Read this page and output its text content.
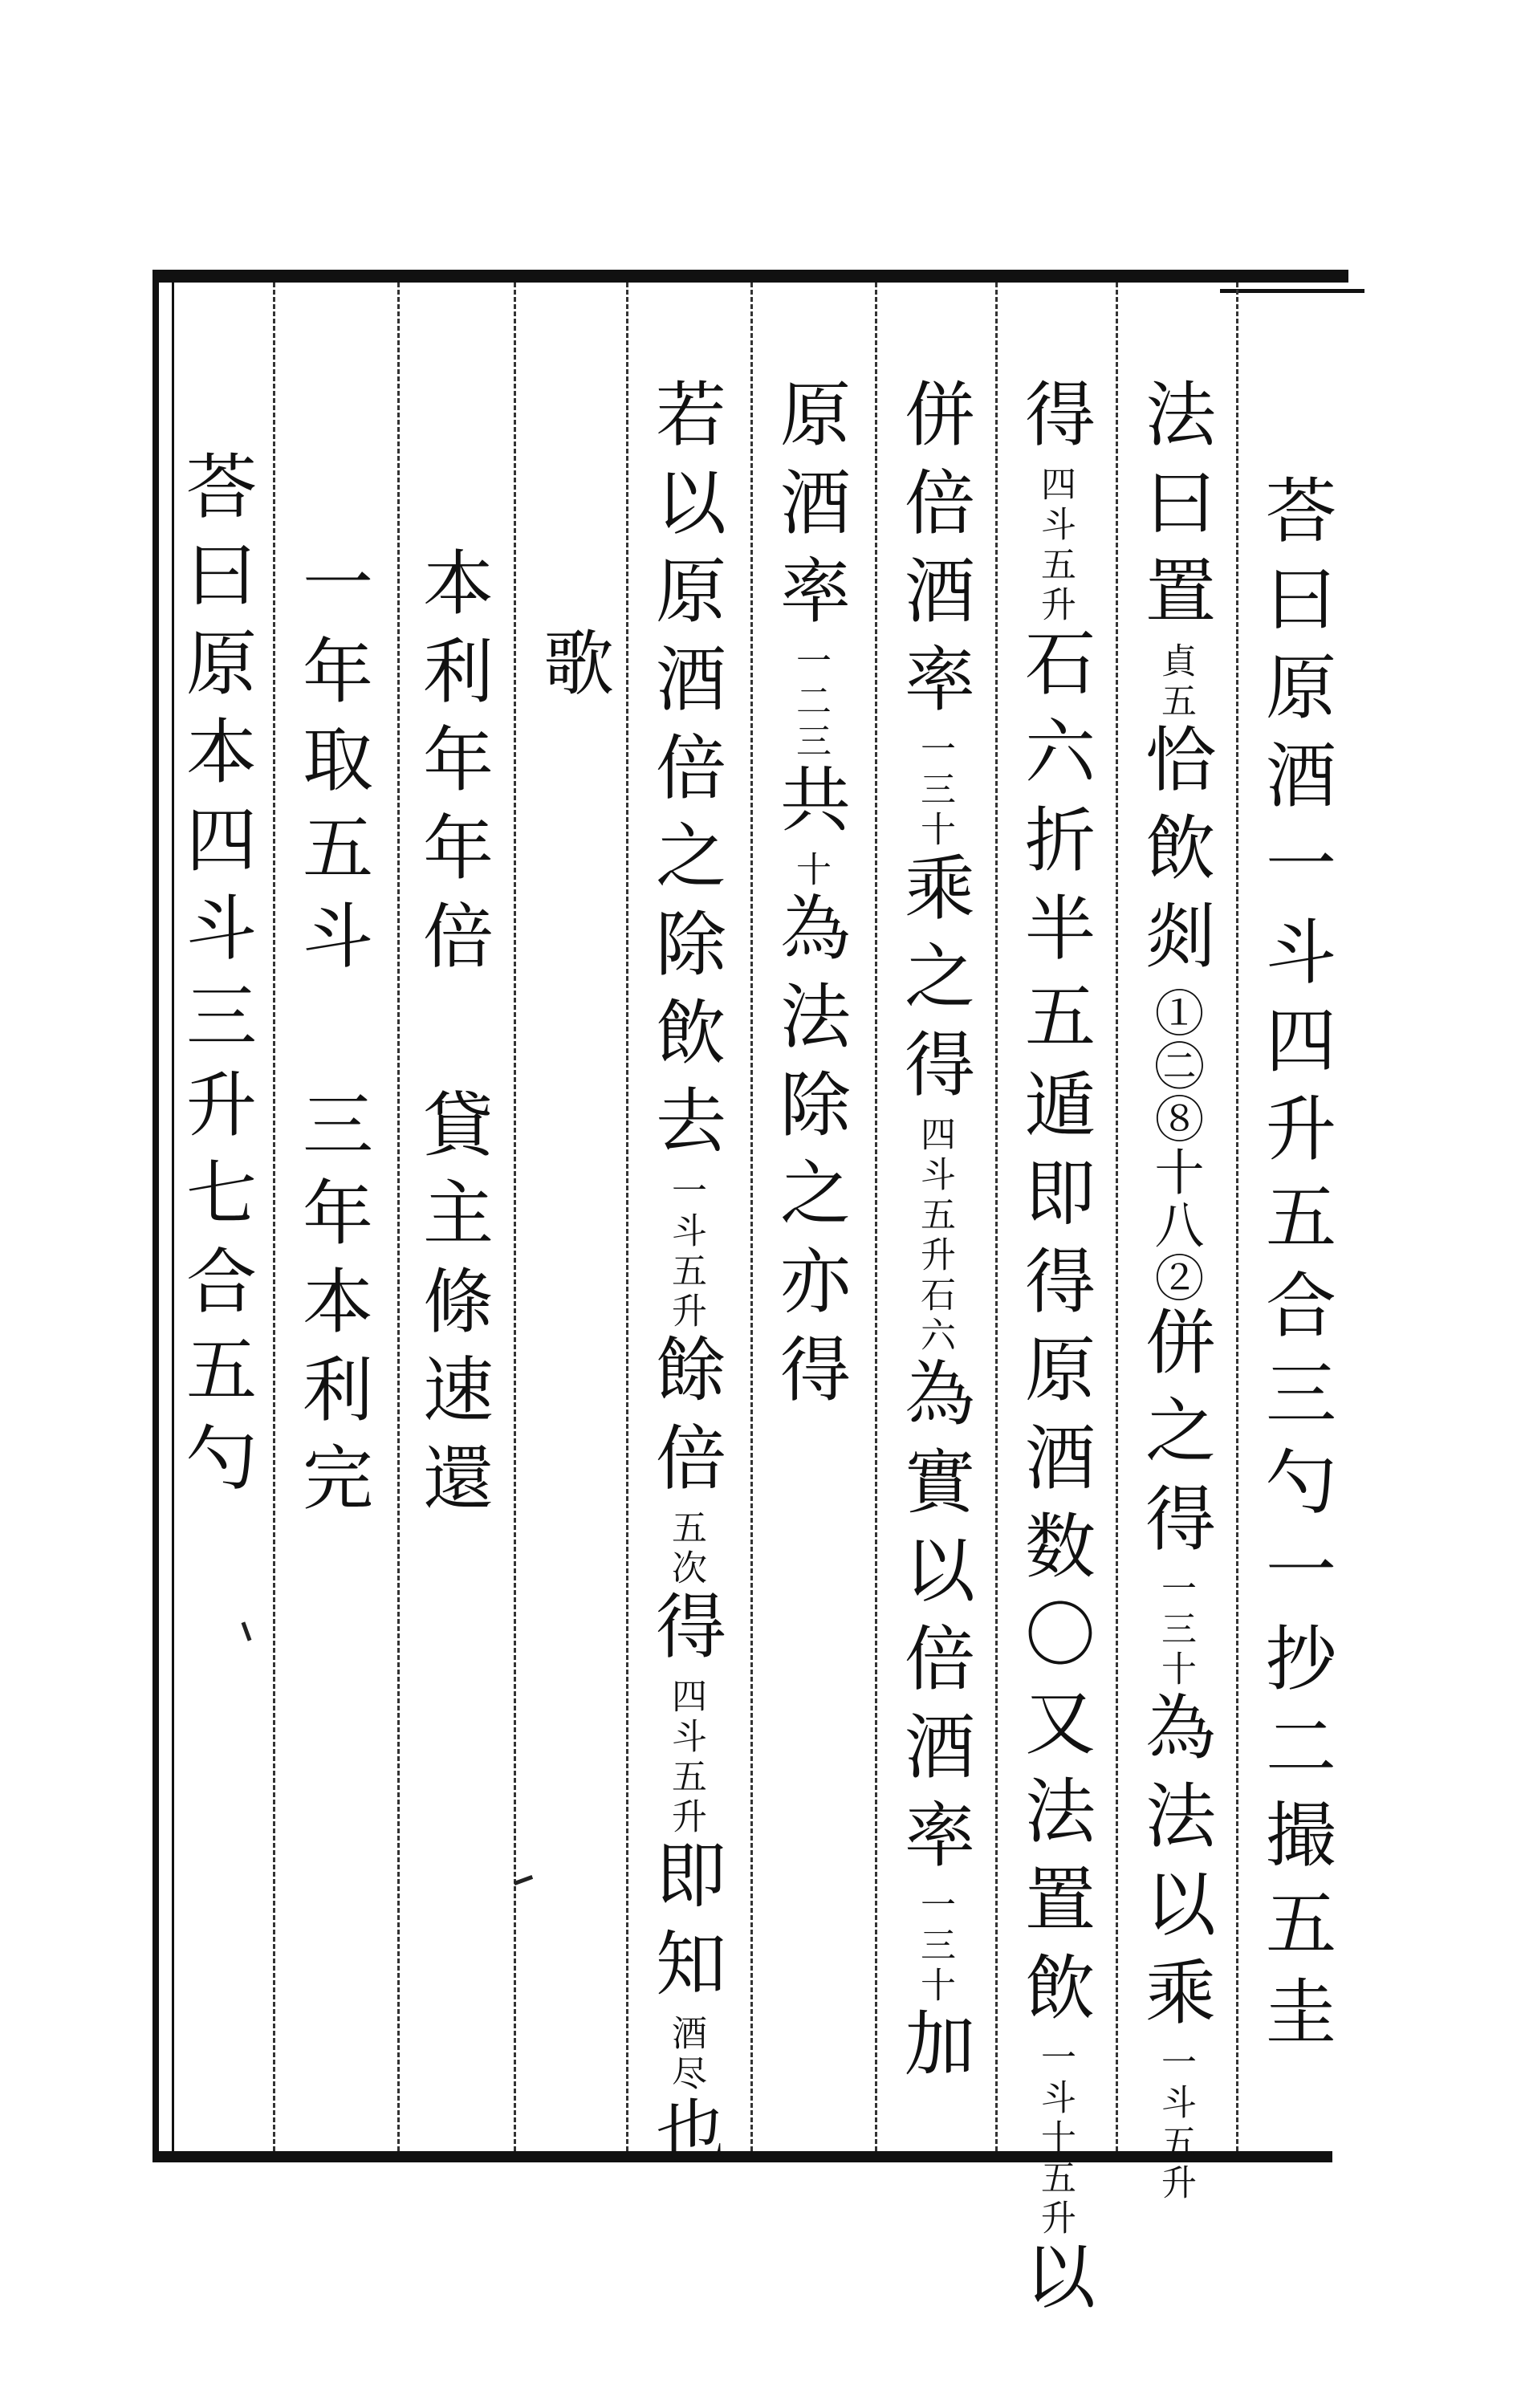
荅曰原酒一斗四升五合三勺一抄二撮五圭
法曰置貞五恰飲剡①㊁⑧十八②併之得一三十為法以乘一斗五升
得四斗五升石六折半五遁即得原酒数〇又法置飲一斗十五升以
併倍酒率一三十乘之得四斗五升石六為實以倍酒率一三十加
原酒率一二三共十為法除之亦得
若以原酒倍之除飲去一斗五升餘倍五次得四斗五升即知酒尽也
歌
本利年年倍 貸主條速還
一年取五斗 三年本利完
荅曰原本四斗三升七合五勺
